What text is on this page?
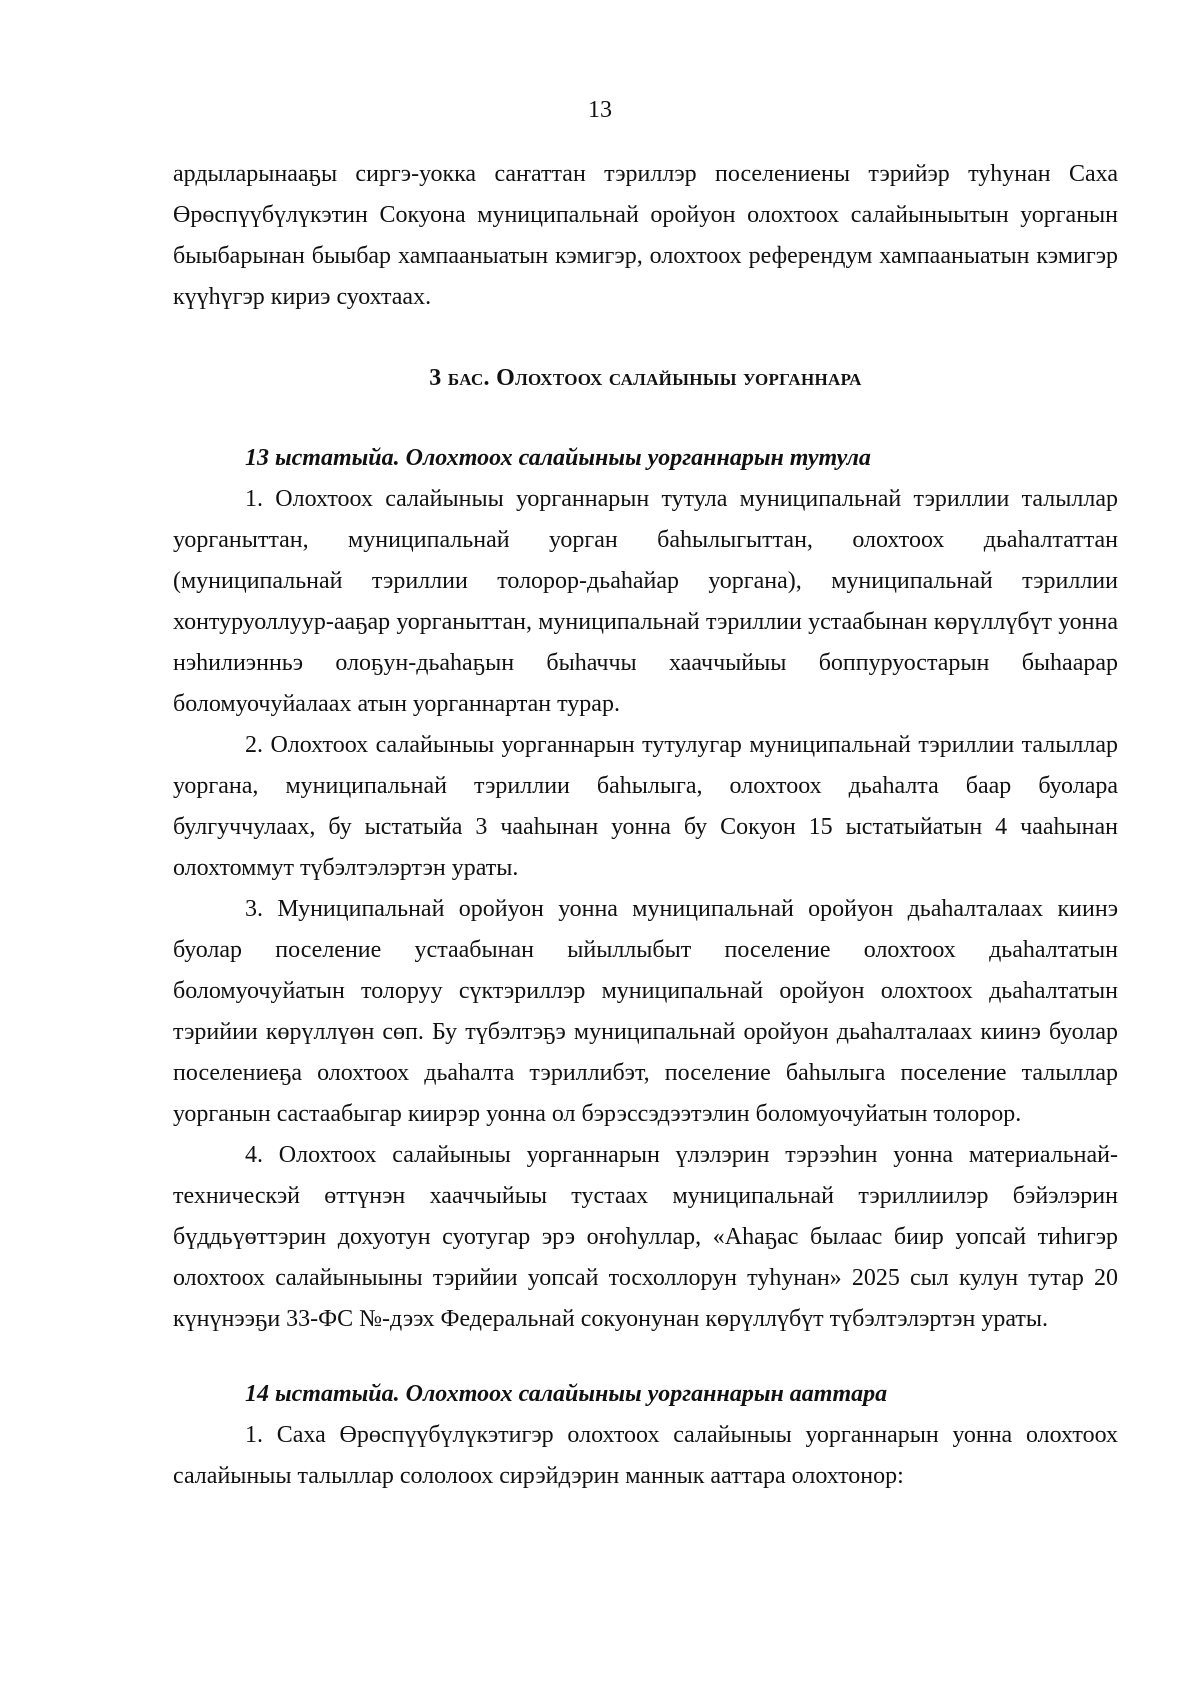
13

ардыларынааҕы сиргэ-уокка саҥаттан тэриллэр поселениены тэрийэр туһунан Саха Өрөспүүбүлүкэтин Сокуона муниципальнай оройуон олохтоох салайыныытын уорганын быыбарынан быыбар хампааныатын кэмигэр, олохтоох референдум хампааныатын кэмигэр күүһүгэр кириэ суохтаах.

3 бас. Олохтоох салайыныы уорганнара

13 ыстатыйа. Олохтоох салайыныы уорганнарын тутула

1. Олохтоох салайыныы уорганнарын тутула муниципальнай тэриллии талыллар уорганыттан, муниципальнай уорган баһылыгыттан, олохтоох дьаһалтаттан (муниципальнай тэриллии толорор-дьаһайар уоргана), муниципальнай тэриллии хонтуруоллуур-ааҕар уорганыттан, муниципальнай тэриллии устаабынан көрүллүбүт уонна нэһилиэнньэ олоҕун-дьаһаҕын быһаччы хааччыйыы боппуруостарын быһаарар боломуочуйалаах атын уорганнартан турар.

2. Олохтоох салайыныы уорганнарын тутулугар муниципальнай тэриллии талыллар уоргана, муниципальнай тэриллии баһылыга, олохтоох дьаһалта баар буолара булгуччулаах, бу ыстатыйа 3 чааһынан уонна бу Сокуон 15 ыстатыйатын 4 чааһынан олохтоммут түбэлтэлэртэн ураты.

3. Муниципальнай оройуон уонна муниципальнай оройуон дьаһалталаах киинэ буолар поселение устаабынан ыйыллыбыт поселение олохтоох дьаһалтатын боломуочуйатын толоруу сүктэриллэр муниципальнай оройуон олохтоох дьаһалтатын тэрийии көрүллүөн сөп. Бу түбэлтэҕэ муниципальнай оройуон дьаһалталаах киинэ буолар поселениеҕа олохтоох дьаһалта тэриллибэт, поселение баһылыга поселение талыллар уорганын састаабыгар киирэр уонна ол бэрэссэдээтэлин боломуочуйатын толорор.

4. Олохтоох салайыныы уорганнарын үлэлэрин тэрээһин уонна материальнай-техническэй өттүнэн хааччыйыы тустаах муниципальнай тэриллиилэр бэйэлэрин бүддьүөттэрин дохуотун суотугар эрэ оҥоһуллар, «Аһаҕас былаас биир уопсай тиһигэр олохтоох салайыныыны тэрийии уопсай тосхоллорун туһунан» 2025 сыл кулун тутар 20 күнүнээҕи 33-ФС №-дээх Федеральнай сокуонунан көрүллүбүт түбэлтэлэртэн ураты.

14 ыстатыйа. Олохтоох салайыныы уорганнарын ааттара

1. Саха Өрөспүүбүлүкэтигэр олохтоох салайыныы уорганнарын уонна олохтоох салайыныы талыллар сололоох сирэйдэрин маннык ааттара олохтонор:
